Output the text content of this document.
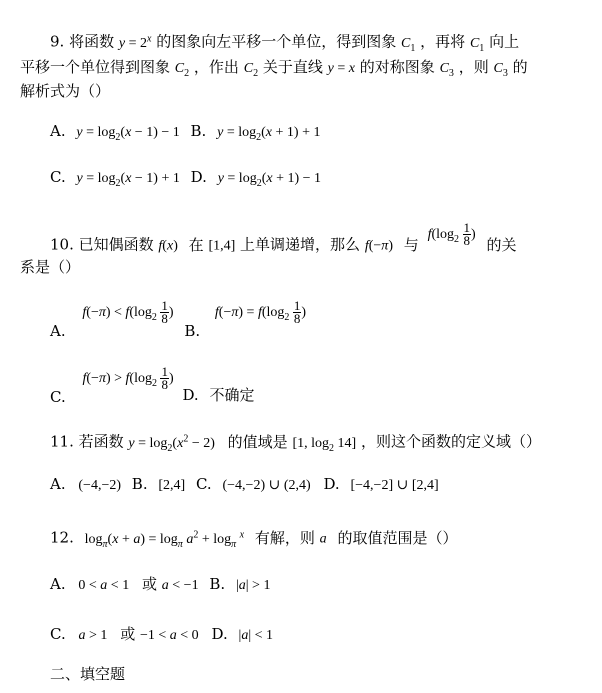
9. 将函数 $y = 2^x$ 的图象向左平移一个单位，得到图象 $C_1$ ，再将 $C_1$ 向上
平移一个单位得到图象 $C_2$ ，作出 $C_2$ 关于直线 y = x 的对称图象 $C_3$ ，则 $C_3$ 的
解析式为（）
A. $y = \log_2(x - 1) - 1$ B. $y = \log_2(x + 1) + 1$
C. $y = \log_2(x - 1) + 1$ D. $y = \log_2(x + 1) - 1$
10. 已知偶函数 f(x) 在 [1,4] 上单调递增，那么 f(−π) 与 $f(\log_2 \frac{1}{8}$ ) 的关
系是（）
A. $f(-\pi) < f(\log_2 \frac{1}{8}$ ) B. $f(-\pi) = f(\log_2 \frac{1}{8}$ )
C. $f(-\pi) > f(\log_2 \frac{1}{8}$ ) D. 不确定
11. 若函数 $y = \log_2(x^2 - 2)$ 的值域是 [1, $\log_2 14$] ，则这个函数的定义域（）
A. (−4,−2) B. [2,4] C. (−4,−2) ∪ (2,4) D. [−4,−2] ∪ [2,4]
12. $\log_\pi(x + a) = \log_\pi a^2 + \log_\pi ^x$ 有解，则 a 的取值范围是（）
A. 0 < a < 1 或 a < −1 B. |a| > 1
C. a > 1 或 −1 < a < 0 D. |a| < 1
二、填空题
